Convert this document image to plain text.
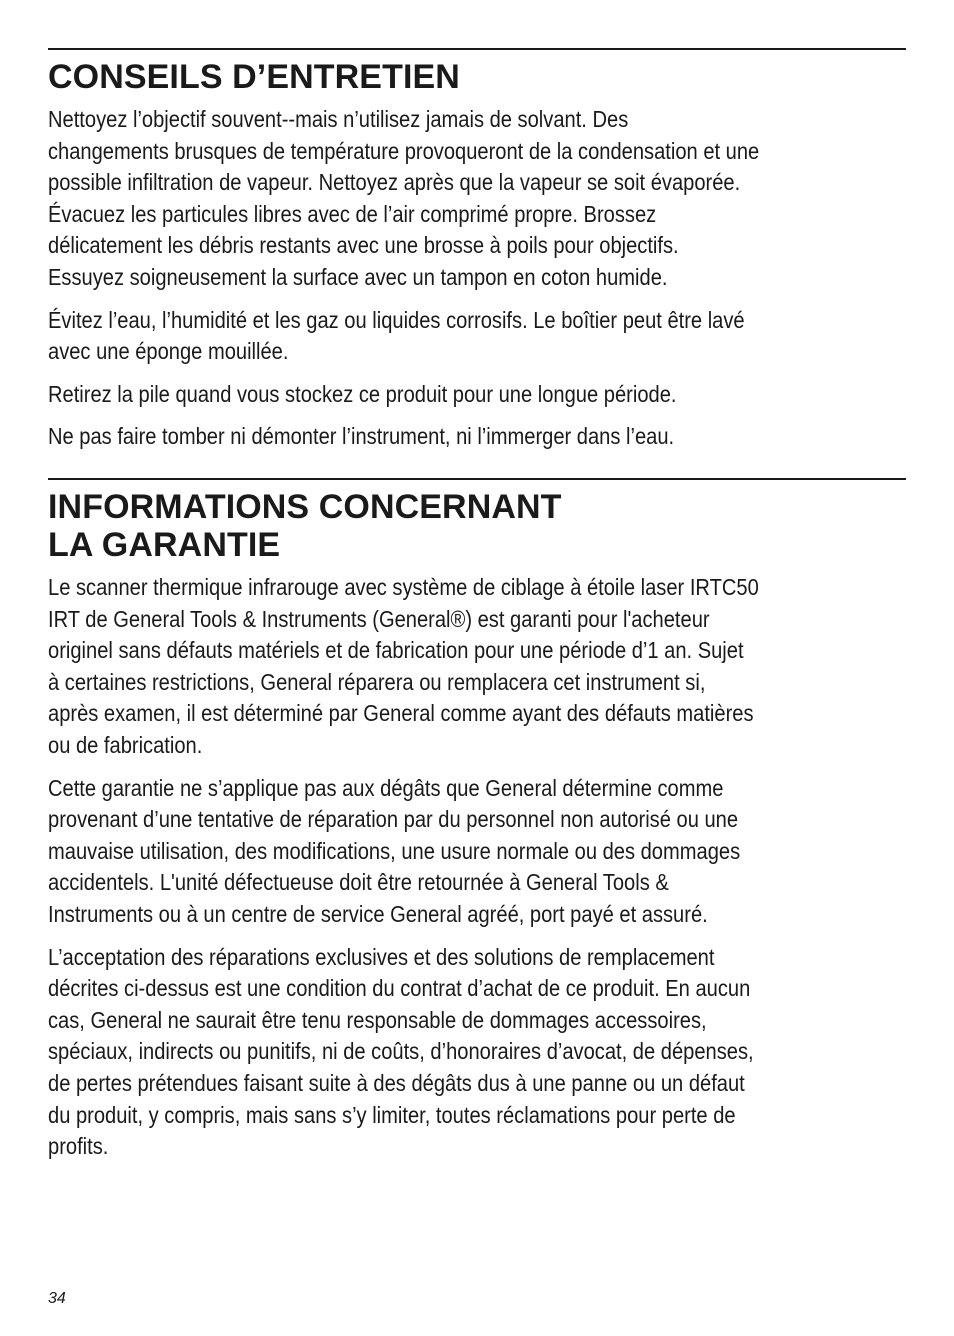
CONSEILS D’ENTRETIEN

Nettoyez l’objectif souvent--mais n’utilisez jamais de solvant. Des
changements brusques de température provoqueront de la condensation et une
possible infiltration de vapeur. Nettoyez après que la vapeur se soit évaporée.
Évacuez les particules libres avec de l’air comprimé propre. Brossez
délicatement les débris restants avec une brosse à poils pour objectifs.
Essuyez soigneusement la surface avec un tampon en coton humide.

Évitez l’eau, l’humidité et les gaz ou liquides corrosifs. Le boîtier peut être lavé
avec une éponge mouillée.

Retirez la pile quand vous stockez ce produit pour une longue période.

Ne pas faire tomber ni démonter l’instrument, ni l’immerger dans l’eau.

INFORMATIONS CONCERNANT
LA GARANTIE

Le scanner thermique infrarouge avec système de ciblage à étoile laser IRTC50
IRT de General Tools & Instruments (General®) est garanti pour l'acheteur
originel sans défauts matériels et de fabrication pour une période d’1 an. Sujet
à certaines restrictions, General réparera ou remplacera cet instrument si,
après examen, il est déterminé par General comme ayant des défauts matières
ou de fabrication.

Cette garantie ne s’applique pas aux dégâts que General détermine comme
provenant d’une tentative de réparation par du personnel non autorisé ou une
mauvaise utilisation, des modifications, une usure normale ou des dommages
accidentels. L'unité défectueuse doit être retournée à General Tools &
Instruments ou à un centre de service General agréé, port payé et assuré.

L’acceptation des réparations exclusives et des solutions de remplacement
décrites ci-dessus est une condition du contrat d’achat de ce produit. En aucun
cas, General ne saurait être tenu responsable de dommages accessoires,
spéciaux, indirects ou punitifs, ni de coûts, d’honoraires d’avocat, de dépenses,
de pertes prétendues faisant suite à des dégâts dus à une panne ou un défaut
du produit, y compris, mais sans s’y limiter, toutes réclamations pour perte de
profits.

34
